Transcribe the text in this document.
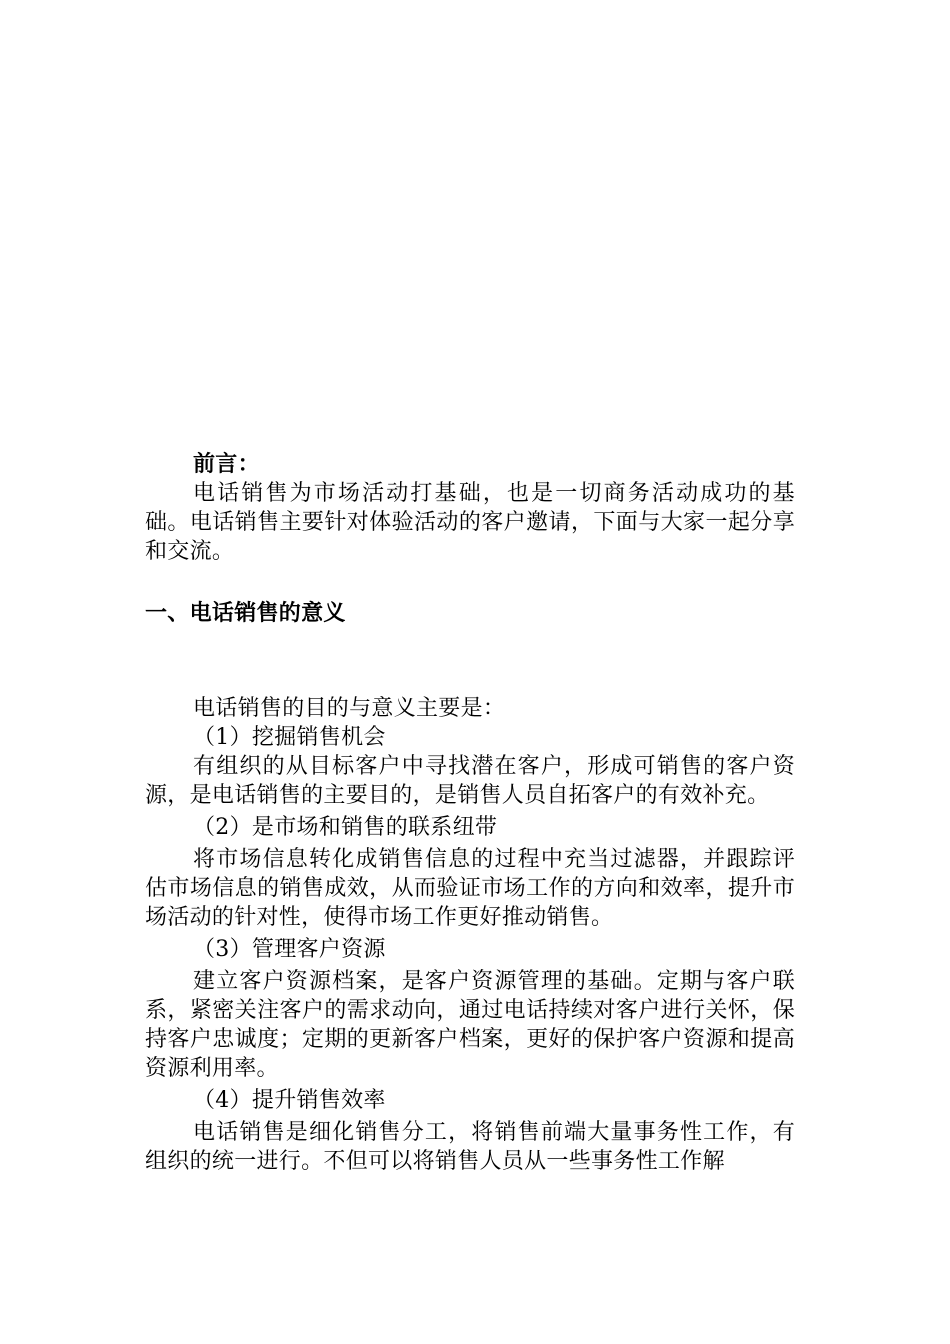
前言：

电话销售为市场活动打基础，也是一切商务活动成功的基础。电话销售主要针对体验活动的客户邀请，下面与大家一起分享和交流。

一、电话销售的意义

电话销售的目的与意义主要是：

（1）挖掘销售机会

有组织的从目标客户中寻找潜在客户，形成可销售的客户资源，是电话销售的主要目的，是销售人员自拓客户的有效补充。

（2）是市场和销售的联系纽带

将市场信息转化成销售信息的过程中充当过滤器，并跟踪评估市场信息的销售成效，从而验证市场工作的方向和效率，提升市场活动的针对性，使得市场工作更好推动销售。

（3）管理客户资源

建立客户资源档案，是客户资源管理的基础。定期与客户联系，紧密关注客户的需求动向，通过电话持续对客户进行关怀，保持客户忠诚度；定期的更新客户档案，更好的保护客户资源和提高资源利用率。

（4）提升销售效率

电话销售是细化销售分工，将销售前端大量事务性工作，有组织的统一进行。不但可以将销售人员从一些事务性工作解
